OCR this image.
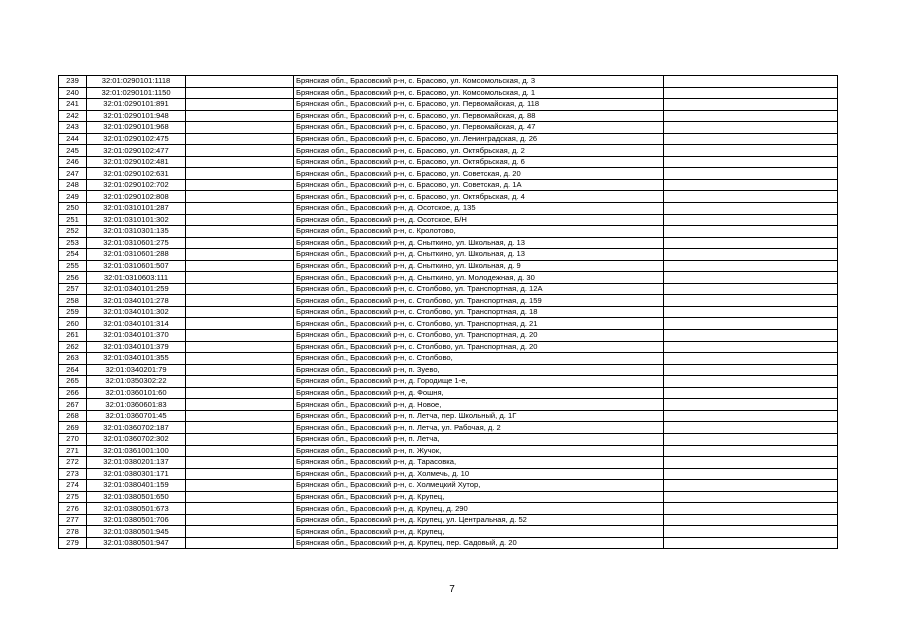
239	32:01:0290101:1118		Брянская обл., Брасовский р-н, с. Брасово, ул. Комсомольская, д. 3	
240	32:01:0290101:1150		Брянская обл., Брасовский р-н, с. Брасово, ул. Комсомольская, д. 1	
241	32:01:0290101:891		Брянская обл., Брасовский р-н, с. Брасово, ул. Первомайская, д. 118	
242	32:01:0290101:948		Брянская обл., Брасовский р-н, с. Брасово, ул. Первомайская, д. 88	
243	32:01:0290101:968		Брянская обл., Брасовский р-н, с. Брасово, ул. Первомайская, д. 47	
244	32:01:0290102:475		Брянская обл., Брасовский р-н, с. Брасово, ул. Ленинградская, д. 26	
245	32:01:0290102:477		Брянская обл., Брасовский р-н, с. Брасово, ул. Октябрьская, д. 2	
246	32:01:0290102:481		Брянская обл., Брасовский р-н, с. Брасово, ул. Октябрьская, д. 6	
247	32:01:0290102:631		Брянская обл., Брасовский р-н, с. Брасово, ул. Советская, д. 20	
248	32:01:0290102:702		Брянская обл., Брасовский р-н, с. Брасово, ул. Советская, д. 1А	
249	32:01:0290102:808		Брянская обл., Брасовский р-н, с. Брасово, ул. Октябрьская, д. 4	
250	32:01:0310101:287		Брянская обл., Брасовский р-н, д. Осотское, д. 135	
251	32:01:0310101:302		Брянская обл., Брасовский р-н, д. Осотское, Б/Н	
252	32:01:0310301:135		Брянская обл., Брасовский р-н, с. Кролотово,	
253	32:01:0310601:275		Брянская обл., Брасовский р-н, д. Сныткино, ул. Школьная, д. 13	
254	32:01:0310601:288		Брянская обл., Брасовский р-н, д. Сныткино, ул. Школьная, д. 13	
255	32:01:0310601:507		Брянская обл., Брасовский р-н, д. Сныткино, ул. Школьная, д. 9	
256	32:01:0310603:111		Брянская обл., Брасовский р-н, д. Сныткино, ул. Молодежная, д. 30	
257	32:01:0340101:259		Брянская обл., Брасовский р-н, с. Столбово, ул. Транспортная, д. 12А	
258	32:01:0340101:278		Брянская обл., Брасовский р-н, с. Столбово, ул. Транспортная, д. 159	
259	32:01:0340101:302		Брянская обл., Брасовский р-н, с. Столбово, ул. Транспортная, д. 18	
260	32:01:0340101:314		Брянская обл., Брасовский р-н, с. Столбово, ул. Транспортная, д. 21	
261	32:01:0340101:370		Брянская обл., Брасовский р-н, с. Столбово, ул. Транспортная, д. 20	
262	32:01:0340101:379		Брянская обл., Брасовский р-н, с. Столбово, ул. Транспортная, д. 20	
263	32:01:0340101:355		Брянская обл., Брасовский р-н, с. Столбово,	
264	32:01:0340201:79		Брянская обл., Брасовский р-н, п. Зуево,	
265	32:01:0350302:22		Брянская обл., Брасовский р-н, д. Городище 1-е,	
266	32:01:0360101:60		Брянская обл., Брасовский р-н, д. Фошня,	
267	32:01:0360601:83		Брянская обл., Брасовский р-н, д. Новое,	
268	32:01:0360701:45		Брянская обл., Брасовский р-н, п. Летча, пер. Школьный, д. 1Г	
269	32:01:0360702:187		Брянская обл., Брасовский р-н, п. Летча, ул. Рабочая, д. 2	
270	32:01:0360702:302		Брянская обл., Брасовский р-н, п. Летча,	
271	32:01:0361001:100		Брянская обл., Брасовский р-н, п. Жучок,	
272	32:01:0380201:137		Брянская обл., Брасовский р-н, д. Тарасовка,	
273	32:01:0380301:171		Брянская обл., Брасовский р-н, д. Холмечь, д. 10	
274	32:01:0380401:159		Брянская обл., Брасовский р-н, с. Холмецкий Хутор,	
275	32:01:0380501:650		Брянская обл., Брасовский р-н, д. Крупец,	
276	32:01:0380501:673		Брянская обл., Брасовский р-н, д. Крупец, д. 290	
277	32:01:0380501:706		Брянская обл., Брасовский р-н, д. Крупец, ул. Центральная, д. 52	
278	32:01:0380501:945		Брянская обл., Брасовский р-н, д. Крупец,	
279	32:01:0380501:947		Брянская обл., Брасовский р-н, д. Крупец, пер. Садовый, д. 20	
7
